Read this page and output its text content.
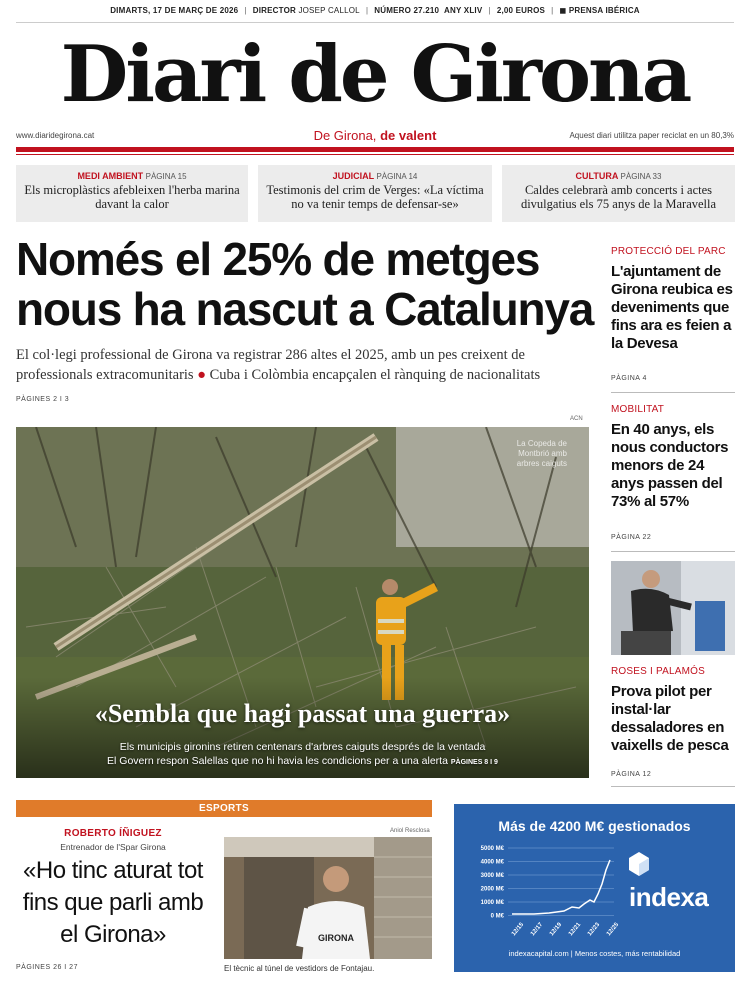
DIMARTS, 17 DE MARÇ DE 2026 | DIRECTOR JOSEP CALLOL | NÚMERO 27.210 ANY XLIV | 2,00 EUROS | ◼ PRENSA IBÉRICA
Diari de Girona
www.diaridegirona.cat	De Girona, de valent	Aquest diari utilitza paper reciclat en un 80,3%
MEDI AMBIENT PÀGINA 15
Els microplàstics afebleixen l'herba marina davant la calor
JUDICIAL PÀGINA 14
Testimonis del crim de Verges: «La víctima no va tenir temps de defensar-se»
CULTURA PÀGINA 33
Caldes celebrarà amb concerts i actes divulgatius els 75 anys de la Maravella
Només el 25% de metges nous ha nascut a Catalunya
El col·legi professional de Girona va registrar 286 altes el 2025, amb un pes creixent de professionals extracomunitaris ● Cuba i Colòmbia encapçalen el rànquing de nacionalitats
PÀGINES 2 I 3
ACN
La Copeda de Montbrió amb arbres caiguts
«Sembla que hagi passat una guerra»
Els municipis gironins retiren centenars d'arbres caiguts després de la ventada
El Govern respon Salellas que no hi havia les condicions per a una alerta PÀGINES 8 I 9
PROTECCIÓ DEL PARC
L'ajuntament de Girona reubica es deveniments que fins ara es feien a la Devesa
PÀGINA 4
MOBILITAT
En 40 anys, els nous conductors menors de 24 anys passen del 73% al 57%
PÀGINA 22
ROSES I PALAMÓS
Prova pilot per instal·lar dessaladores en vaixells de pesca
PÀGINA 12
ESPORTS
ROBERTO ÍÑIGUEZ
Entrenador de l'Spar Girona
«Ho tinc aturat tot fins que parli amb el Girona»
PÀGINES 26 I 27
Aniol Resclosa
GIRONA
El tècnic al túnel de vestidors de Fontajau.
Más de 4200 M€ gestionados
5000 M€
4000 M€
3000 M€
2000 M€
1000 M€
0 M€
12/15 12/17 12/19 12/21 12/23 12/25
indexa
indexacapital.com | Menos costes, más rentabilidad
